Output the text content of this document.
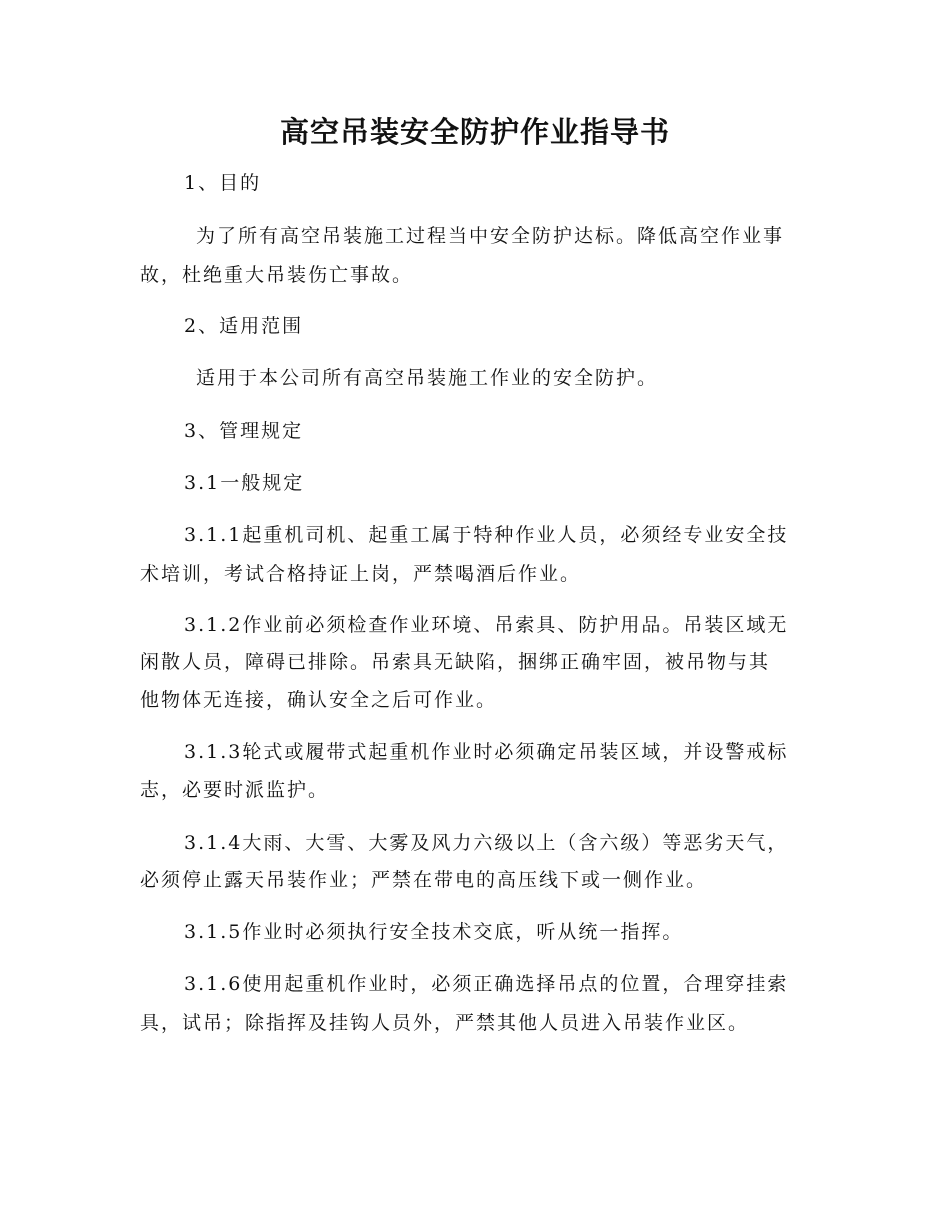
高空吊装安全防护作业指导书
1、目的
为了所有高空吊装施工过程当中安全防护达标。降低高空作业事
故，杜绝重大吊装伤亡事故。
2、适用范围
适用于本公司所有高空吊装施工作业的安全防护。
3、管理规定
3.1一般规定
3.1.1起重机司机、起重工属于特种作业人员，必须经专业安全技
术培训，考试合格持证上岗，严禁喝酒后作业。
3.1.2作业前必须检查作业环境、吊索具、防护用品。吊装区域无
闲散人员，障碍已排除。吊索具无缺陷，捆绑正确牢固，被吊物与其
他物体无连接，确认安全之后可作业。
3.1.3轮式或履带式起重机作业时必须确定吊装区域，并设警戒标
志，必要时派监护。
3.1.4大雨、大雪、大雾及风力六级以上（含六级）等恶劣天气，
必须停止露天吊装作业；严禁在带电的高压线下或一侧作业。
3.1.5作业时必须执行安全技术交底，听从统一指挥。
3.1.6使用起重机作业时，必须正确选择吊点的位置，合理穿挂索
具，试吊；除指挥及挂钩人员外，严禁其他人员进入吊装作业区。
